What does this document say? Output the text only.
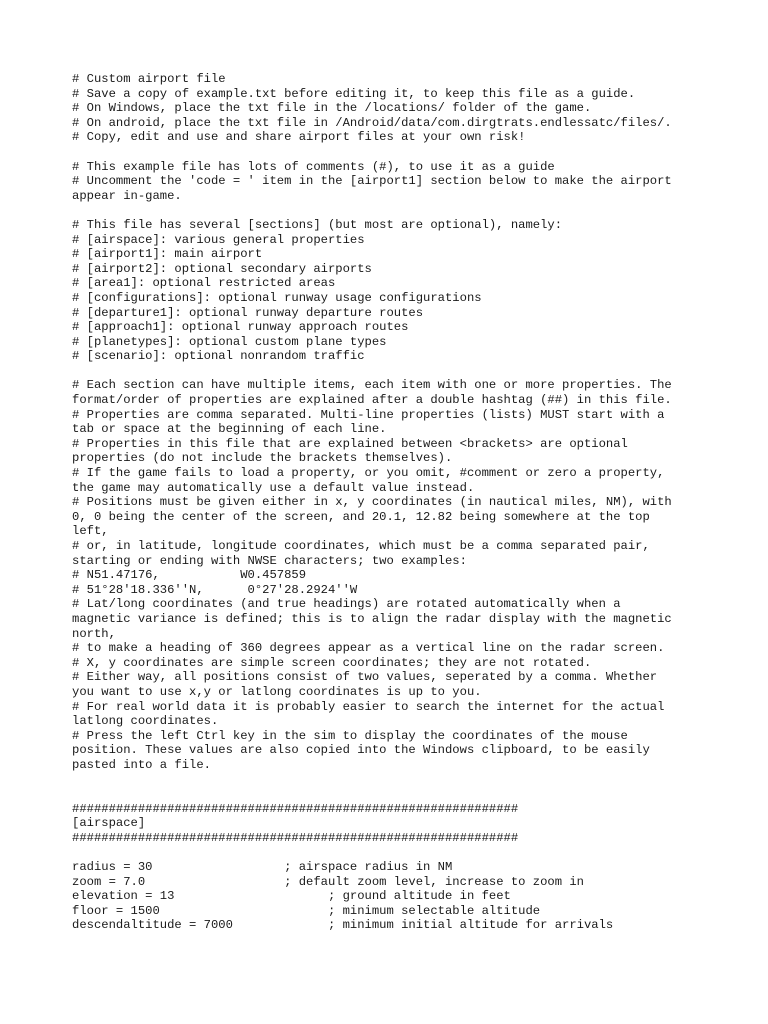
# Custom airport file
# Save a copy of example.txt before editing it, to keep this file as a guide.
# On Windows, place the txt file in the /locations/ folder of the game.
# On android, place the txt file in /Android/data/com.dirgtrats.endlessatc/files/.
# Copy, edit and use and share airport files at your own risk!
# This example file has lots of comments (#), to use it as a guide
# Uncomment the 'code = ' item in the [airport1] section below to make the airport
appear in-game.
# This file has several [sections] (but most are optional), namely:
# [airspace]: various general properties
# [airport1]: main airport
# [airport2]: optional secondary airports
# [area1]: optional restricted areas
# [configurations]: optional runway usage configurations
# [departure1]: optional runway departure routes
# [approach1]: optional runway approach routes
# [planetypes]: optional custom plane types
# [scenario]: optional nonrandom traffic
# Each section can have multiple items, each item with one or more properties. The
format/order of properties are explained after a double hashtag (##) in this file.
# Properties are comma separated. Multi-line properties (lists) MUST start with a
tab or space at the beginning of each line.
# Properties in this file that are explained between <brackets> are optional
properties (do not include the brackets themselves).
# If the game fails to load a property, or you omit, #comment or zero a property,
the game may automatically use a default value instead.
# Positions must be given either in x, y coordinates (in nautical miles, NM), with
0, 0 being the center of the screen, and 20.1, 12.82 being somewhere at the top
left,
# or, in latitude, longitude coordinates, which must be a comma separated pair,
starting or ending with NWSE characters; two examples:
# N51.47176,           W0.457859
# 51°28'18.336''N,      0°27'28.2924''W
# Lat/long coordinates (and true headings) are rotated automatically when a
magnetic variance is defined; this is to align the radar display with the magnetic
north,
# to make a heading of 360 degrees appear as a vertical line on the radar screen.
# X, y coordinates are simple screen coordinates; they are not rotated.
# Either way, all positions consist of two values, seperated by a comma. Whether
you want to use x,y or latlong coordinates is up to you.
# For real world data it is probably easier to search the internet for the actual
latlong coordinates.
# Press the left Ctrl key in the sim to display the coordinates of the mouse
position. These values are also copied into the Windows clipboard, to be easily
pasted into a file.
#############################################################
[airspace]
#############################################################
radius = 30                  ; airspace radius in NM
zoom = 7.0                   ; default zoom level, increase to zoom in
elevation = 13                     ; ground altitude in feet
floor = 1500                       ; minimum selectable altitude
descendaltitude = 7000             ; minimum initial altitude for arrivals
